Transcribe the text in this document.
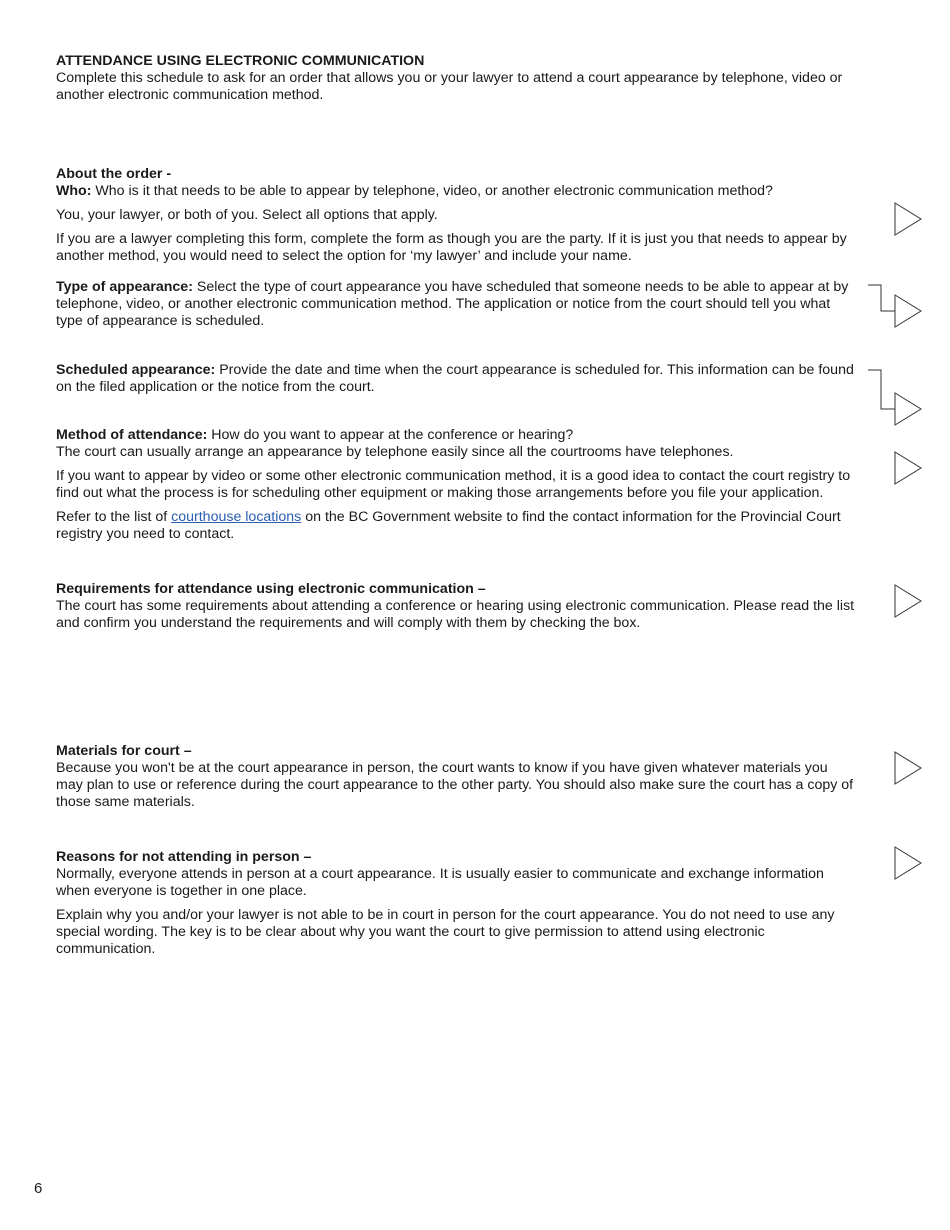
ATTENDANCE USING ELECTRONIC COMMUNICATION
Complete this schedule to ask for an order that allows you or your lawyer to attend a court appearance by telephone, video or another electronic communication method.

About the order -
Who: Who is it that needs to be able to appear by telephone, video, or another electronic communication method?

You, your lawyer, or both of you. Select all options that apply.

If you are a lawyer completing this form, complete the form as though you are the party. If it is just you that needs to appear by another method, you would need to select the option for ‘my lawyer’ and include your name.

Type of appearance: Select the type of court appearance you have scheduled that someone needs to be able to appear at by telephone, video, or another electronic communication method. The application or notice from the court should tell you what type of appearance is scheduled.

Scheduled appearance: Provide the date and time when the court appearance is scheduled for. This information can be found on the filed application or the notice from the court.

Method of attendance: How do you want to appear at the conference or hearing?
The court can usually arrange an appearance by telephone easily since all the courtrooms have telephones.

If you want to appear by video or some other electronic communication method, it is a good idea to contact the court registry to find out what the process is for scheduling other equipment or making those arrangements before you file your application.

Refer to the list of courthouse locations on the BC Government website to find the contact information for the Provincial Court registry you need to contact.

Requirements for attendance using electronic communication –
The court has some requirements about attending a conference or hearing using electronic communication. Please read the list and confirm you understand the requirements and will comply with them by checking the box.

Materials for court –
Because you won't be at the court appearance in person, the court wants to know if you have given whatever materials you may plan to use or reference during the court appearance to the other party. You should also make sure the court has a copy of those same materials.

Reasons for not attending in person –
Normally, everyone attends in person at a court appearance. It is usually easier to communicate and exchange information when everyone is together in one place.

Explain why you and/or your lawyer is not able to be in court in person for the court appearance. You do not need to use any special wording. The key is to be clear about why you want the court to give permission to attend using electronic communication.

6
